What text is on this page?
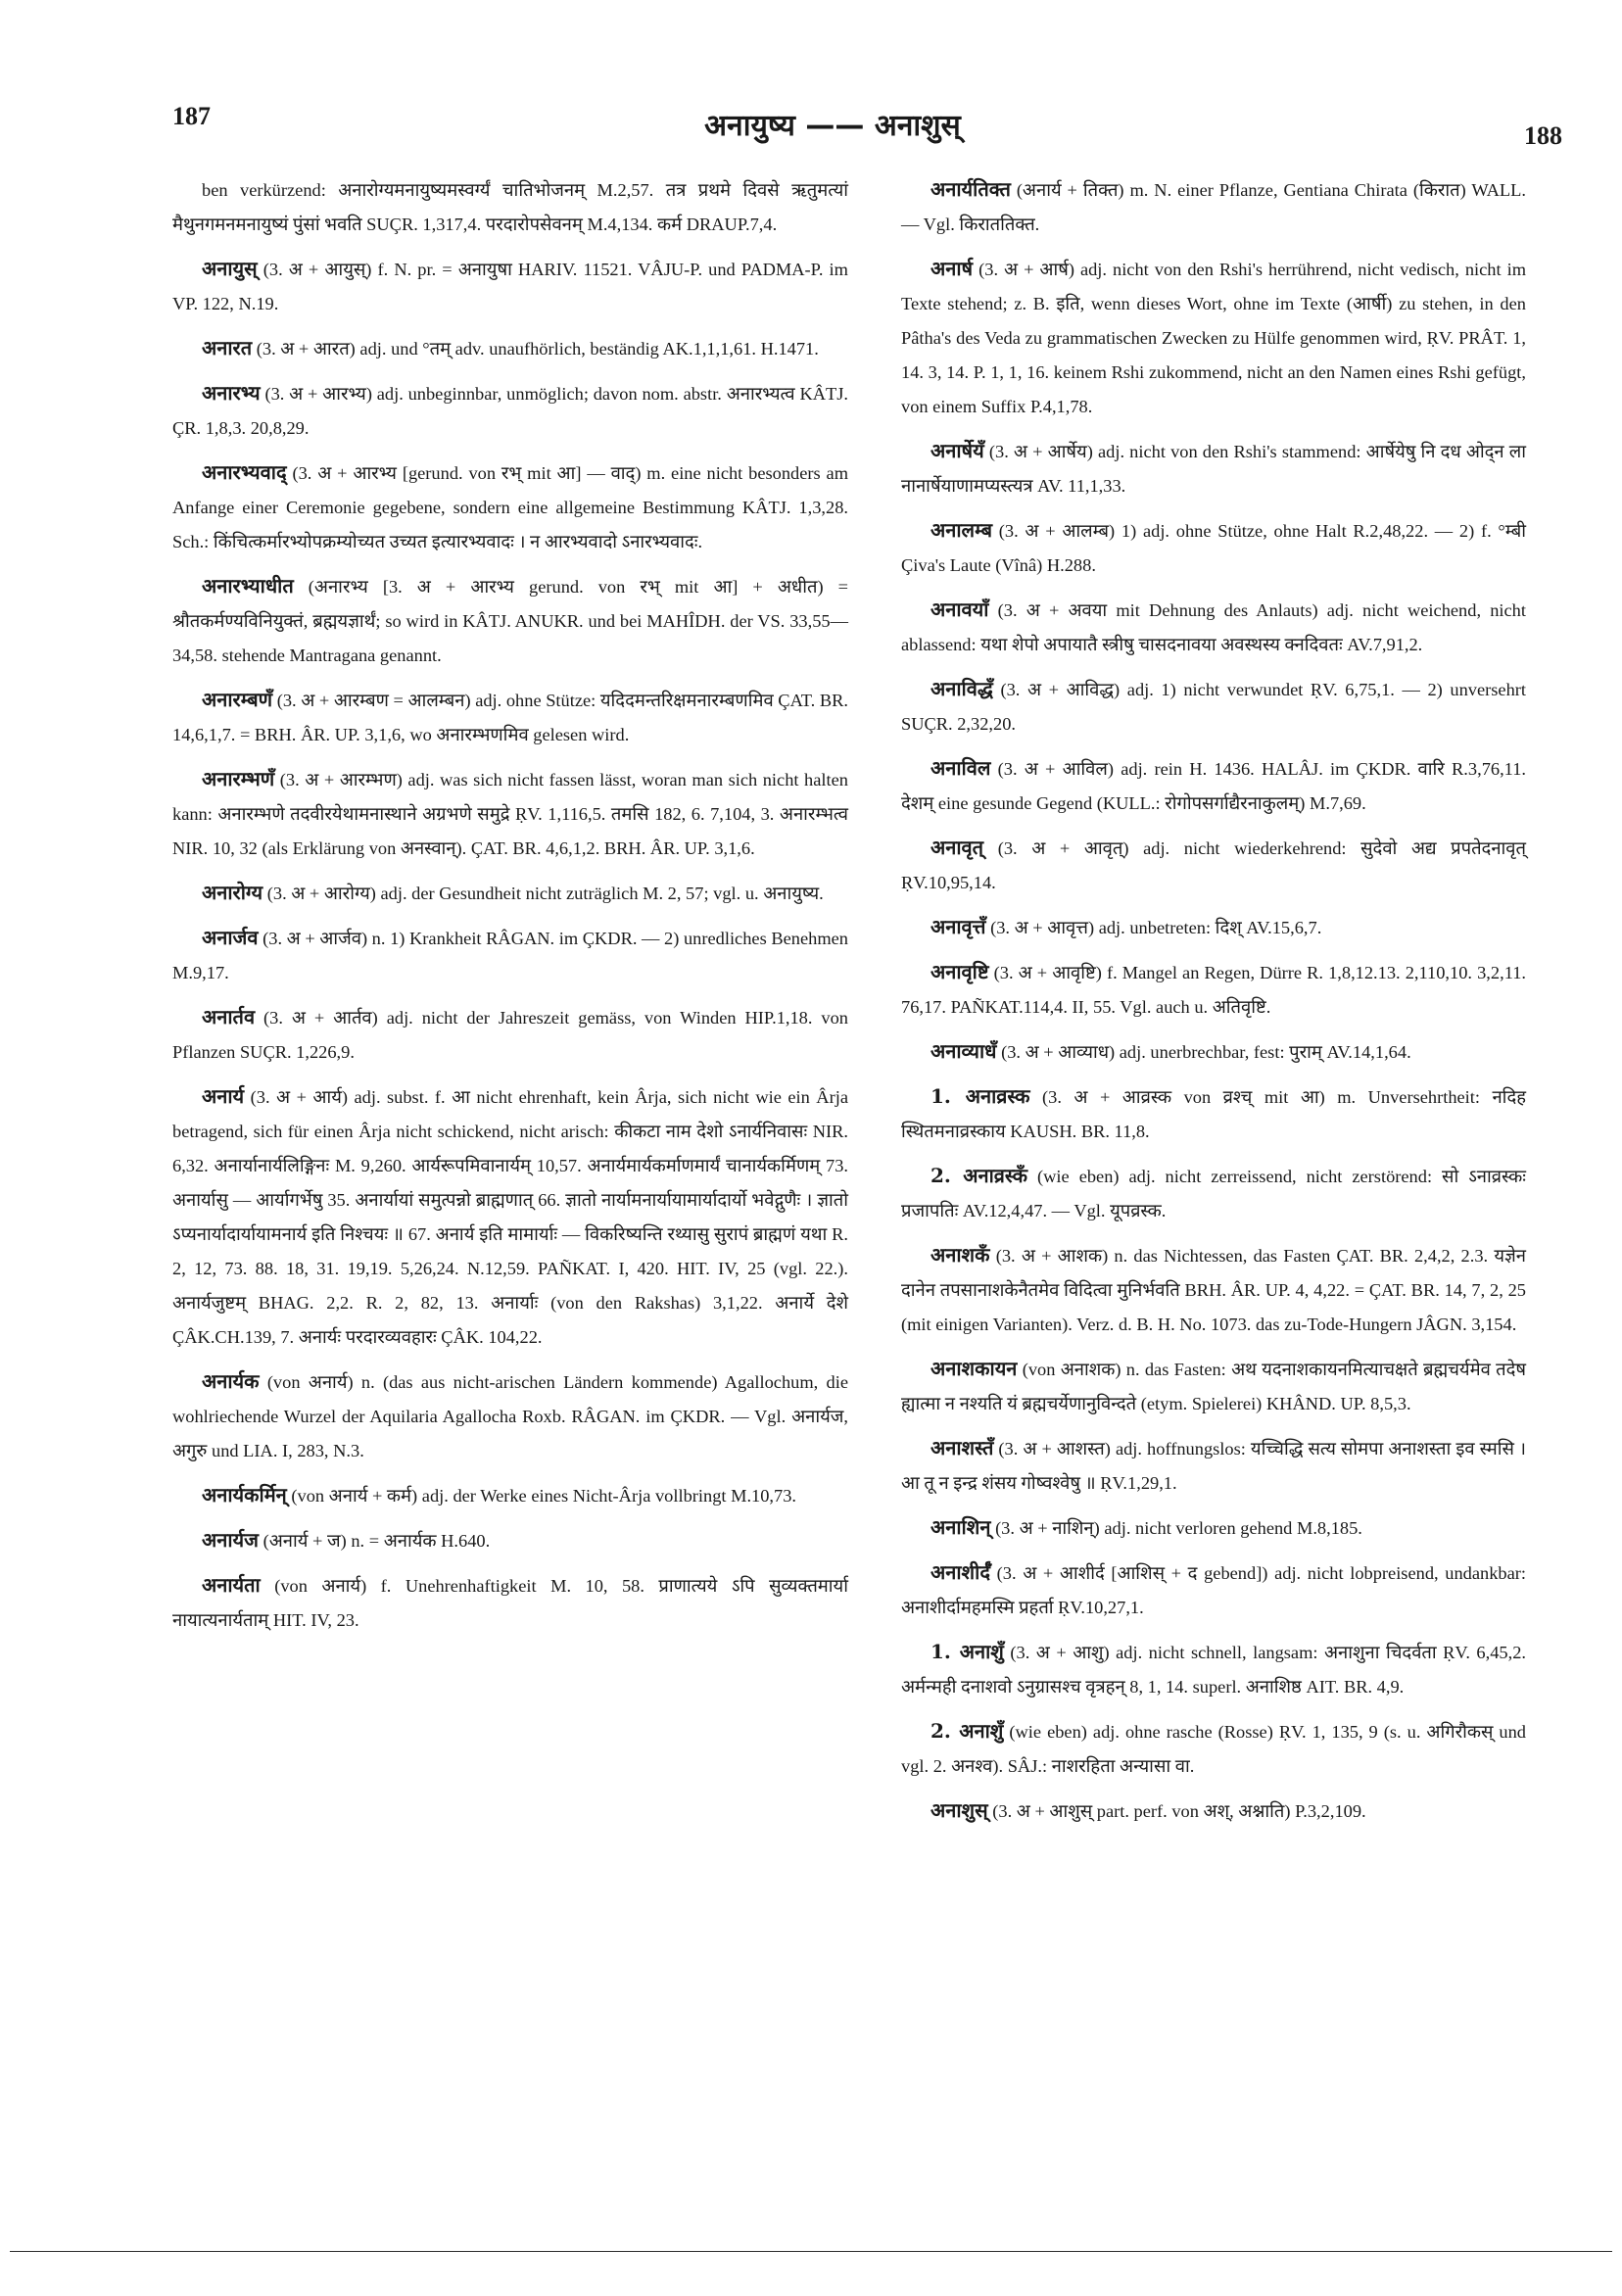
187	अनायुष्य —— अनाशुस्	188

ben verkürzend: अनारोग्यमनायुष्यमस्वर्ग्यं चातिभोजनम् M.2,57. तत्र प्रथमे दिवसे ऋतुमत्यां मैथुनगमनमनायुष्यं पुंसां भवति SUÇR. 1,317,4. परदारोपसेवनम् M.4,134. कर्म DRAUP.7,4.

अनायुस् (3. अ + आयुस्) f. N. pr. = अनायुषा HARIV. 11521. VÂJU-P. und PADMA-P. im VP. 122, N.19.

अनारत (3. अ + आरत) adj. und °तम् adv. unaufhörlich, beständig AK.1,1,1,61. H.1471.

अनारभ्य (3. अ + आरभ्य) adj. unbeginnbar, unmöglich; davon nom. abstr. अनारभ्यत्व KÂTJ. ÇR. 1,8,3. 20,8,29.

अनारभ्यवाद् (3. अ + आरभ्य [gerund. von रभ् mit आ] — वाद्) m. eine nicht besonders am Anfange einer Ceremonie gegebene, sondern eine allgemeine Bestimmung KÂTJ. 1,3,28. Sch.: किंचित्कर्मारभ्योपक्रम्योच्यत उच्यत इत्यारभ्यवादः । न आरभ्यवादो ऽनारभ्यवादः.

अनारभ्याधीत (अनारभ्य [3. अ + आरभ्य gerund. von रभ् mit आ] + अधीत) = श्रौतकर्मण्यविनियुक्तं, ब्रह्मयज्ञार्थं; so wird in KÂTJ. ANUKR. und bei MAHÎDH. der VS. 33,55—34,58. stehende Mantragana genannt.

अनारम्बणँ (3. अ + आरम्बण = आलम्बन) adj. ohne Stütze: यदिदमन्तरिक्षमनारम्बणमिव ÇAT. BR. 14,6,1,7. = BRH. ÂR. UP. 3,1,6, wo अनारम्भणमिव gelesen wird.

अनारम्भणँ (3. अ + आरम्भण) adj. was sich nicht fassen lässt, woran man sich nicht halten kann: अनारम्भणे तदवीरयेथामनास्थाने अग्रभणे समुद्रे ṚV. 1,116,5. तमसि 182, 6. 7,104, 3. अनारम्भत्व NIR. 10, 32 (als Erklärung von अनस्वान्‌). ÇAT. BR. 4,6,1,2. BRH. ÂR. UP. 3,1,6.

अनारोग्य (3. अ + आरोग्य) adj. der Gesundheit nicht zuträglich M. 2, 57; vgl. u. अनायुष्य.

अनार्जव (3. अ + आर्जव) n. 1) Krankheit RÂGAN. im ÇKDR. — 2) unredliches Benehmen M.9,17.

अनार्तव (3. अ + आर्तव) adj. nicht der Jahreszeit gemäss, von Winden HIP.1,18. von Pflanzen SUÇR. 1,226,9.

अनार्य (3. अ + आर्य) adj. subst. f. आ nicht ehrenhaft, kein Ârja, sich nicht wie ein Ârja betragend, sich für einen Ârja nicht schickend, nicht arisch: कीकटा नाम देशो ऽनार्यनिवासः NIR. 6,32. अनार्यानार्यलिङ्गिनः M. 9,260. आर्यरूपमिवानार्यम् 10,57. अनार्यमार्यकर्माणमार्यं चानार्यकर्मिणम् 73. अनार्यासु — आर्यागर्भेषु 35. अनार्यायां समुत्पन्नो ब्राह्मणात् 66. ज्ञातो नार्यामनार्यायामार्यादार्यो भवेद्गुणैः । ज्ञातो ऽप्यनार्यादार्यायामनार्य इति निश्चयः ॥ 67. अनार्य इति मामार्याः — विकरिष्यन्ति रथ्यासु सुरापं ब्राह्मणं यथा R. 2, 12, 73. 88. 18, 31. 19,19. 5,26,24. N.12,59. PAÑKAT. I, 420. HIT. IV, 25 (vgl. 22.). अनार्यजुष्टम् BHAG. 2,2. R. 2, 82, 13. अनार्याः (von den Rakshas) 3,1,22. अनार्ये देशे ÇÂK.CH.139, 7. अनार्यः परदारव्यवहारः ÇÂK. 104,22.

अनार्यक (von अनार्य) n. (das aus nicht-arischen Ländern kommende) Agallochum, die wohlriechende Wurzel der Aquilaria Agallocha Roxb. RÂGAN. im ÇKDR. — Vgl. अनार्यज, अगुरु und LIA. I, 283, N.3.

अनार्यकर्मिन् (von अनार्य + कर्म) adj. der Werke eines Nicht-Ârja vollbringt M.10,73.

अनार्यज (अनार्य + ज) n. = अनार्यक H.640.

अनार्यता (von अनार्य) f. Unehrenhaftigkeit M. 10, 58. प्राणात्यये ऽपि सुव्यक्तमार्या नायात्यनार्यताम् HIT. IV, 23.

अनार्यतिक्त (अनार्य + तिक्त) m. N. einer Pflanze, Gentiana Chirata (किरात) WALL. — Vgl. किराततिक्त.

अनार्ष (3. अ + आर्ष) adj. nicht von den Rshi's herrührend, nicht vedisch, nicht im Texte stehend; z. B. इति, wenn dieses Wort, ohne im Texte (आर्षी) zu stehen, in den Pâtha's des Veda zu grammatischen Zwecken zu Hülfe genommen wird, ṚV. PRÂT. 1, 14. 3, 14. P. 1, 1, 16. keinem Rshi zukommend, nicht an den Namen eines Rshi gefügt, von einem Suffix P.4,1,78.

अनार्षेयँ (3. अ + आर्षेय) adj. nicht von den Rshi's stammend: आर्षेयेषु नि दध ओद्न ला नानार्षेयाणामप्यस्त्यत्र AV. 11,1,33.

अनालम्ब (3. अ + आलम्ब) 1) adj. ohne Stütze, ohne Halt R.2,48,22. — 2) f. °म्बी Çiva's Laute (Vînâ) H.288.

अनावयाँ (3. अ + अवया mit Dehnung des Anlauts) adj. nicht weichend, nicht ablassend: यथा शेपो अपायातै स्त्रीषु चासदनावया अवस्थस्य क्नदिवतः AV.7,91,2.

अनाविद्धँ (3. अ + आविद्ध) adj. 1) nicht verwundet ṚV. 6,75,1. — 2) unversehrt SUÇR. 2,32,20.

अनाविल (3. अ + आविल) adj. rein H. 1436. HALÂJ. im ÇKDR. वारि R.3,76,11. देशम् eine gesunde Gegend (KULL.: रोगोपसर्गाद्यैरनाकुलम्) M.7,69.

अनावृत् (3. अ + आवृत्) adj. nicht wiederkehrend: सुदेवो अद्य प्रपतेदनावृत् ṚV.10,95,14.

अनावृत्तँ (3. अ + आवृत्त) adj. unbetreten: दिश् AV.15,6,7.

अनावृष्टि (3. अ + आवृष्टि) f. Mangel an Regen, Dürre R. 1,8,12.13. 2,110,10. 3,2,11. 76,17. PAÑKAT.114,4. II, 55. Vgl. auch u. अतिवृष्टि.

अनाव्याधँ (3. अ + आव्याध) adj. unerbrechbar, fest: पुराम् AV.14,1,64.

1. अनाव्रस्क (3. अ + आव्रस्क von व्रश्च् mit आ) m. Unversehrtheit: नदिह स्थितमनाव्रस्काय KAUSH. BR. 11,8.

2. अनाव्रस्कँ (wie eben) adj. nicht zerreissend, nicht zerstörend: सो ऽनाव्रस्कः प्रजापतिः AV.12,4,47. — Vgl. यूपव्रस्क.

अनाशकँ (3. अ + आशक) n. das Nichtessen, das Fasten ÇAT. BR. 2,4,2, 2.3. यज्ञेन दानेन तपसानाशकेनैतमेव विदित्वा मुनिर्भवति BRH. ÂR. UP. 4, 4,22. = ÇAT. BR. 14, 7, 2, 25 (mit einigen Varianten). Verz. d. B. H. No. 1073. das zu-Tode-Hungern JÂGN. 3,154.

अनाशकायन (von अनाशक) n. das Fasten: अथ यदनाशकायनमित्याचक्षते ब्रह्मचर्यमेव तदेष ह्यात्मा न नश्यति यं ब्रह्मचर्येणानुविन्दते (etym. Spielerei) KHÂND. UP. 8,5,3.

अनाशस्तँ (3. अ + आशस्त) adj. hoffnungslos: यच्चिद्धि सत्य सोमपा अनाशस्ता इव स्मसि । आ तू न इन्द्र शंसय गोष्वश्वेषु ॥ ṚV.1,29,1.

अनाशिन् (3. अ + नाशिन्) adj. nicht verloren gehend M.8,185.

अनाशीर्दँ (3. अ + आशीर्द [आशिस् + द gebend]) adj. nicht lobpreisend, undankbar: अनाशीर्दामहमस्मि प्रहर्ता ṚV.10,27,1.

1. अनाशुँ (3. अ + आशु) adj. nicht schnell, langsam: अनाशुना चिदर्वता ṚV. 6,45,2. अर्मन्मही दनाशवो ऽनुग्रासश्च वृत्रहन् 8, 1, 14. superl. अनाशिष्ठ AIT. BR. 4,9.

2. अनाशुँ (wie eben) adj. ohne rasche (Rosse) ṚV. 1, 135, 9 (s. u. अगिरौकस् und vgl. 2. अनश्व). SÂJ.: नाशरहिता अन्यासा वा.

अनाशुस् (3. अ + आशुस् part. perf. von अश्, अश्नाति) P.3,2,109.
